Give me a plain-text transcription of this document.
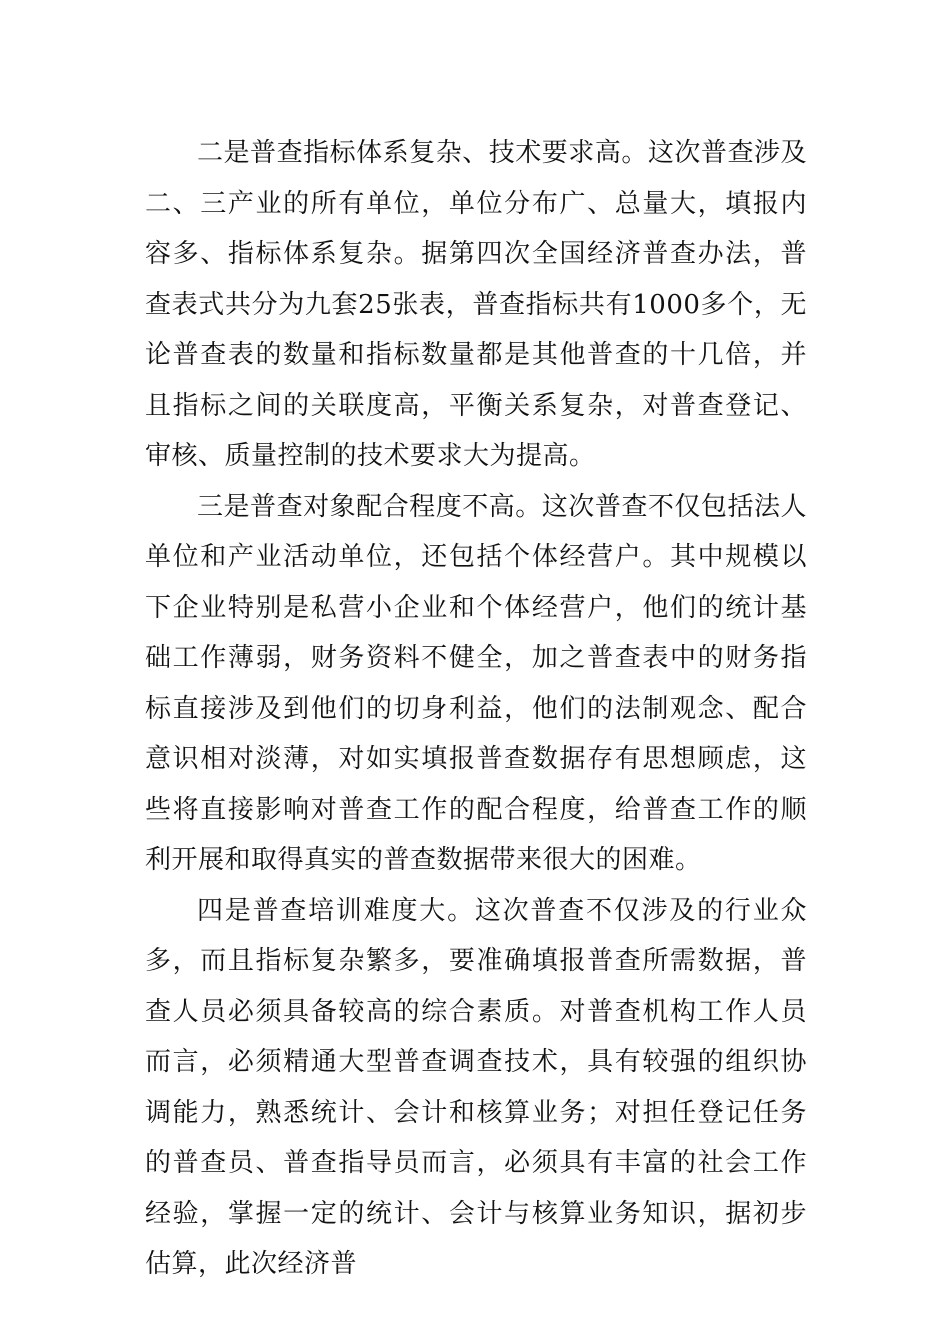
二是普查指标体系复杂、技术要求高。这次普查涉及二、三产业的所有单位，单位分布广、总量大，填报内容多、指标体系复杂。据第四次全国经济普查办法，普查表式共分为九套25张表，普查指标共有1000多个，无论普查表的数量和指标数量都是其他普查的十几倍，并且指标之间的关联度高，平衡关系复杂，对普查登记、审核、质量控制的技术要求大为提高。

三是普查对象配合程度不高。这次普查不仅包括法人单位和产业活动单位，还包括个体经营户。其中规模以下企业特别是私营小企业和个体经营户，他们的统计基础工作薄弱，财务资料不健全，加之普查表中的财务指标直接涉及到他们的切身利益，他们的法制观念、配合意识相对淡薄，对如实填报普查数据存有思想顾虑，这些将直接影响对普查工作的配合程度，给普查工作的顺利开展和取得真实的普查数据带来很大的困难。

四是普查培训难度大。这次普查不仅涉及的行业众多，而且指标复杂繁多，要准确填报普查所需数据，普查人员必须具备较高的综合素质。对普查机构工作人员而言，必须精通大型普查调查技术，具有较强的组织协调能力，熟悉统计、会计和核算业务；对担任登记任务的普查员、普查指导员而言，必须具有丰富的社会工作经验，掌握一定的统计、会计与核算业务知识，据初步估算，此次经济普
